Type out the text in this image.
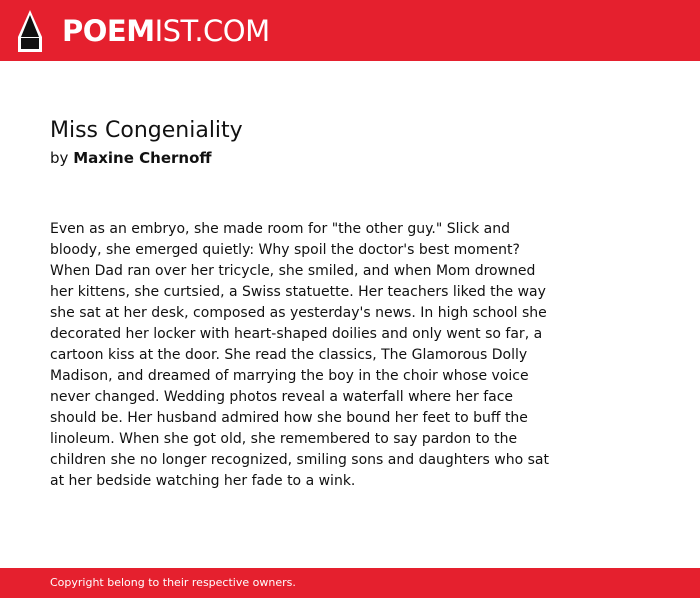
POEMIST.COM
Miss Congeniality
by Maxine Chernoff

Even as an embryo, she made room for "the other guy." Slick and
bloody, she emerged quietly: Why spoil the doctor's best moment?
When Dad ran over her tricycle, she smiled, and when Mom drowned
her kittens, she curtsied, a Swiss statuette. Her teachers liked the way
she sat at her desk, composed as yesterday's news. In high school she
decorated her locker with heart-shaped doilies and only went so far, a
cartoon kiss at the door. She read the classics, The Glamorous Dolly
Madison, and dreamed of marrying the boy in the choir whose voice
never changed. Wedding photos reveal a waterfall where her face
should be. Her husband admired how she bound her feet to buff the
linoleum. When she got old, she remembered to say pardon to the
children she no longer recognized, smiling sons and daughters who sat
at her bedside watching her fade to a wink.

Copyright belong to their respective owners.
